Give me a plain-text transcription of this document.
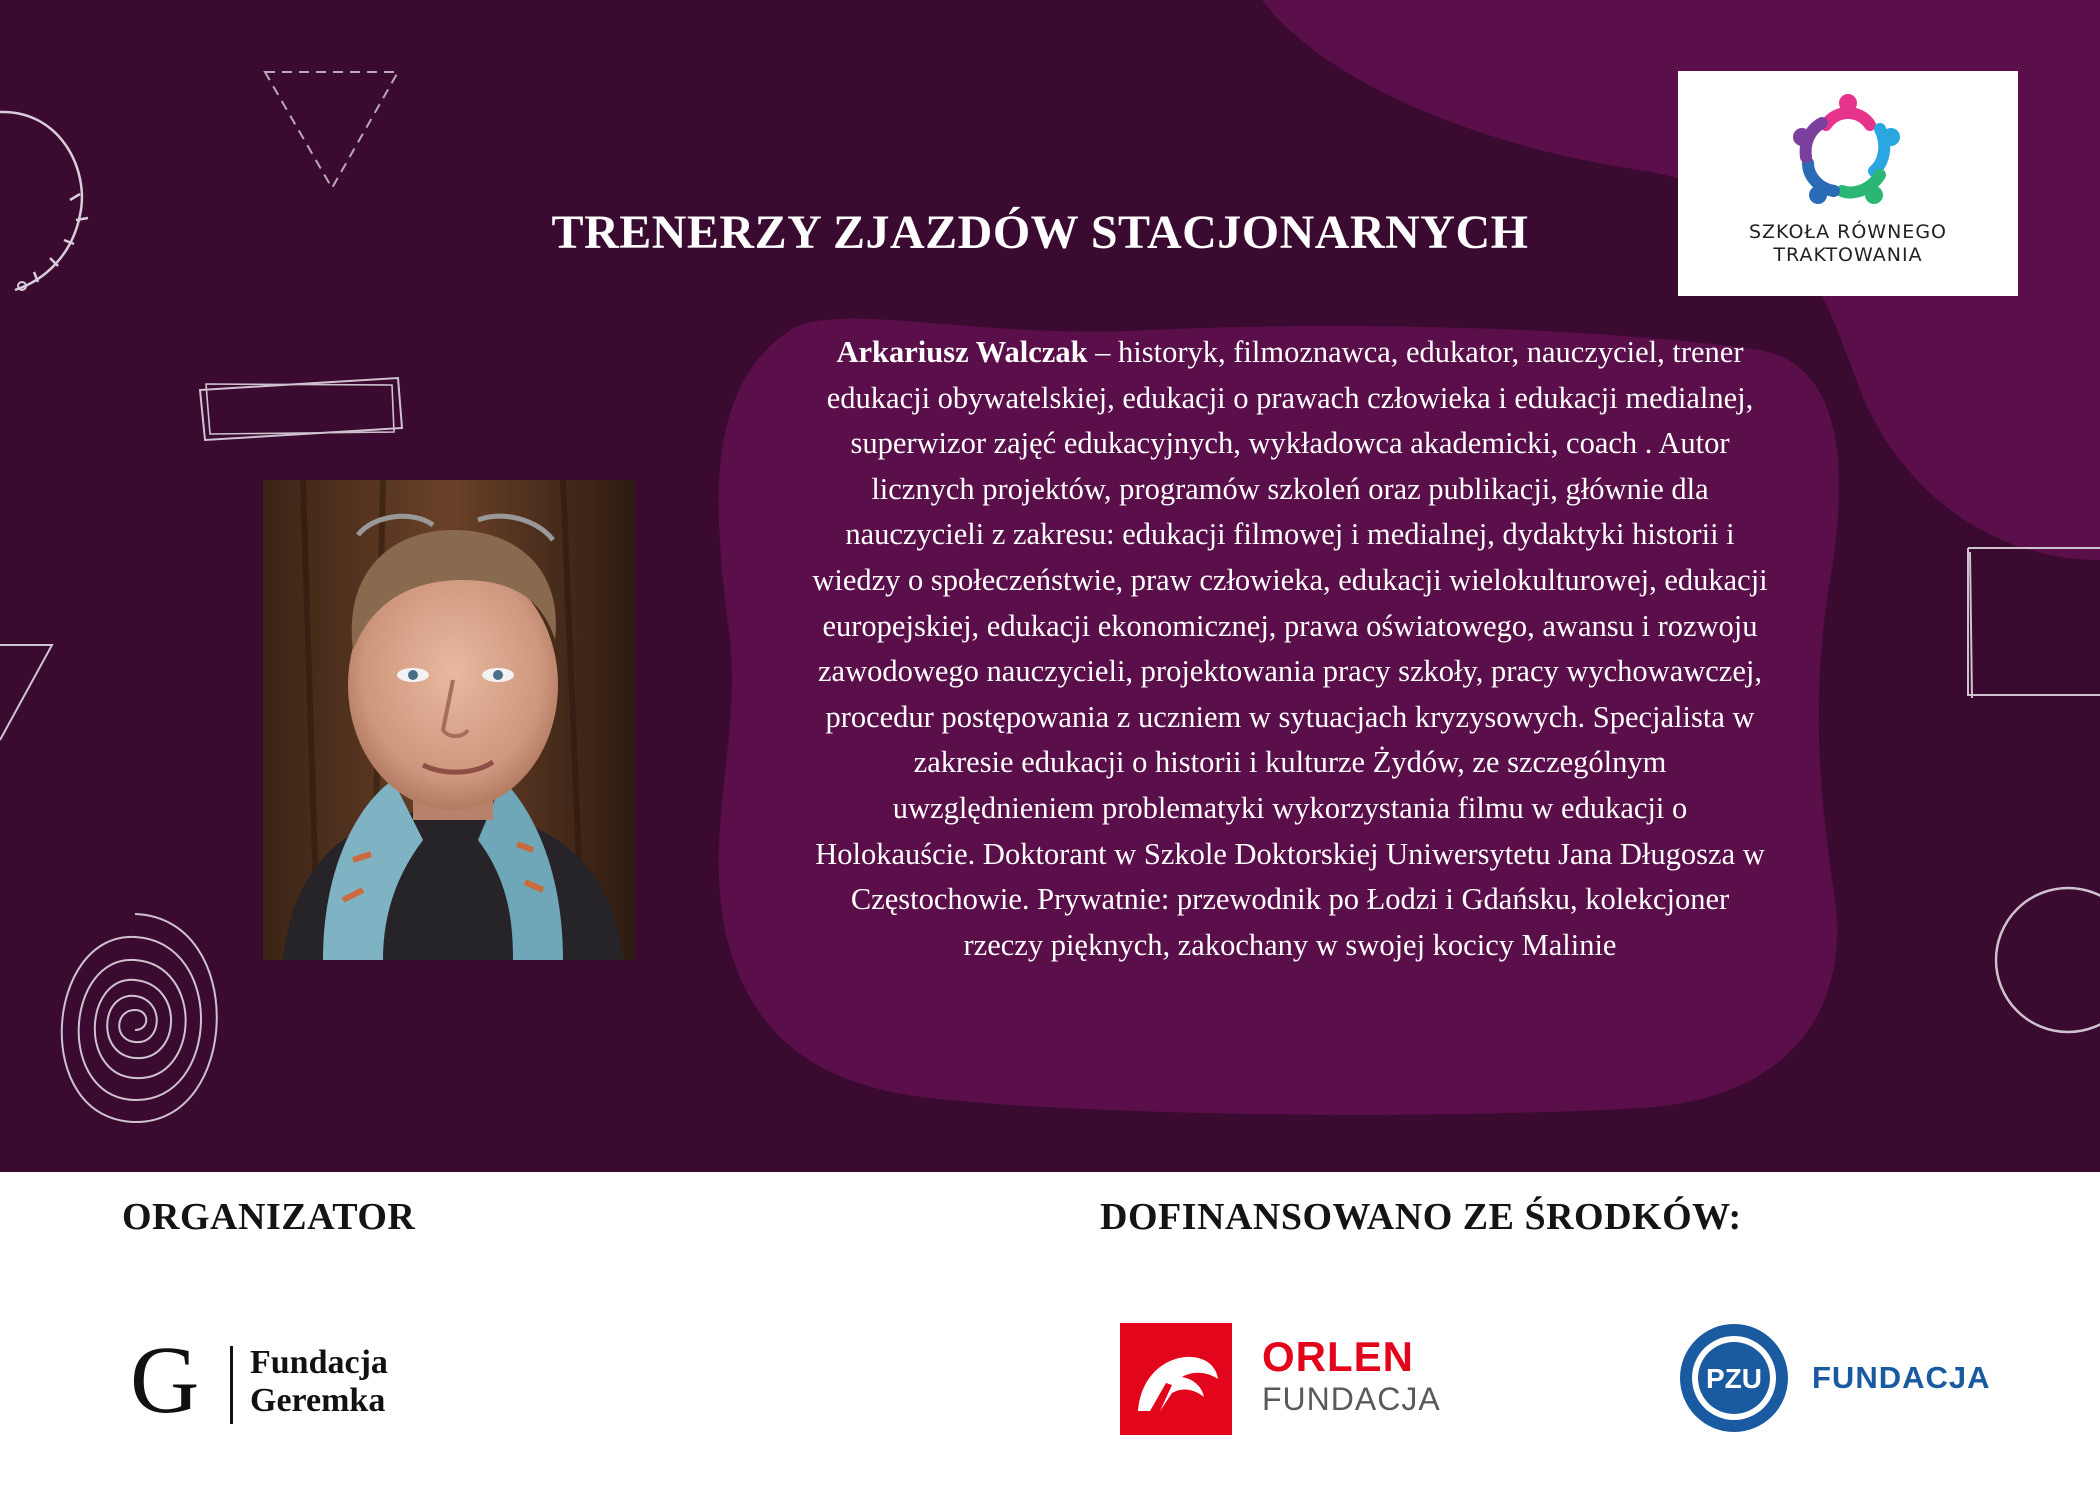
TRENERZY ZJAZDÓW STACJONARNYCH	SZKOŁA RÓWNEGO
TRAKTOWANIA
Arkariusz Walczak – historyk, filmoznawca, edukator, nauczyciel, trener edukacji obywatelskiej, edukacji o prawach człowieka i edukacji medialnej, superwizor zajęć edukacyjnych, wykładowca akademicki, coach . Autor licznych projektów, programów szkoleń oraz publikacji, głównie dla nauczycieli z zakresu: edukacji filmowej i medialnej, dydaktyki historii i wiedzy o społeczeństwie, praw człowieka, edukacji wielokulturowej, edukacji europejskiej, edukacji ekonomicznej, prawa oświatowego, awansu i rozwoju zawodowego nauczycieli, projektowania pracy szkoły, pracy wychowawczej, procedur postępowania z uczniem w sytuacjach kryzysowych. Specjalista w zakresie edukacji o historii i kulturze Żydów, ze szczególnym uwzględnieniem problematyki wykorzystania filmu w edukacji o Holokauście. Doktorant w Szkole Doktorskiej Uniwersytetu Jana Długosza w Częstochowie. Prywatnie: przewodnik po Łodzi i Gdańsku, kolekcjoner rzeczy pięknych, zakochany w swojej kocicy Malinie
ORGANIZATOR	DOFINANSOWANO ZE ŚRODKÓW:
G Fundacja
Geremka
ORLEN
FUNDACJA
PZU FUNDACJA
